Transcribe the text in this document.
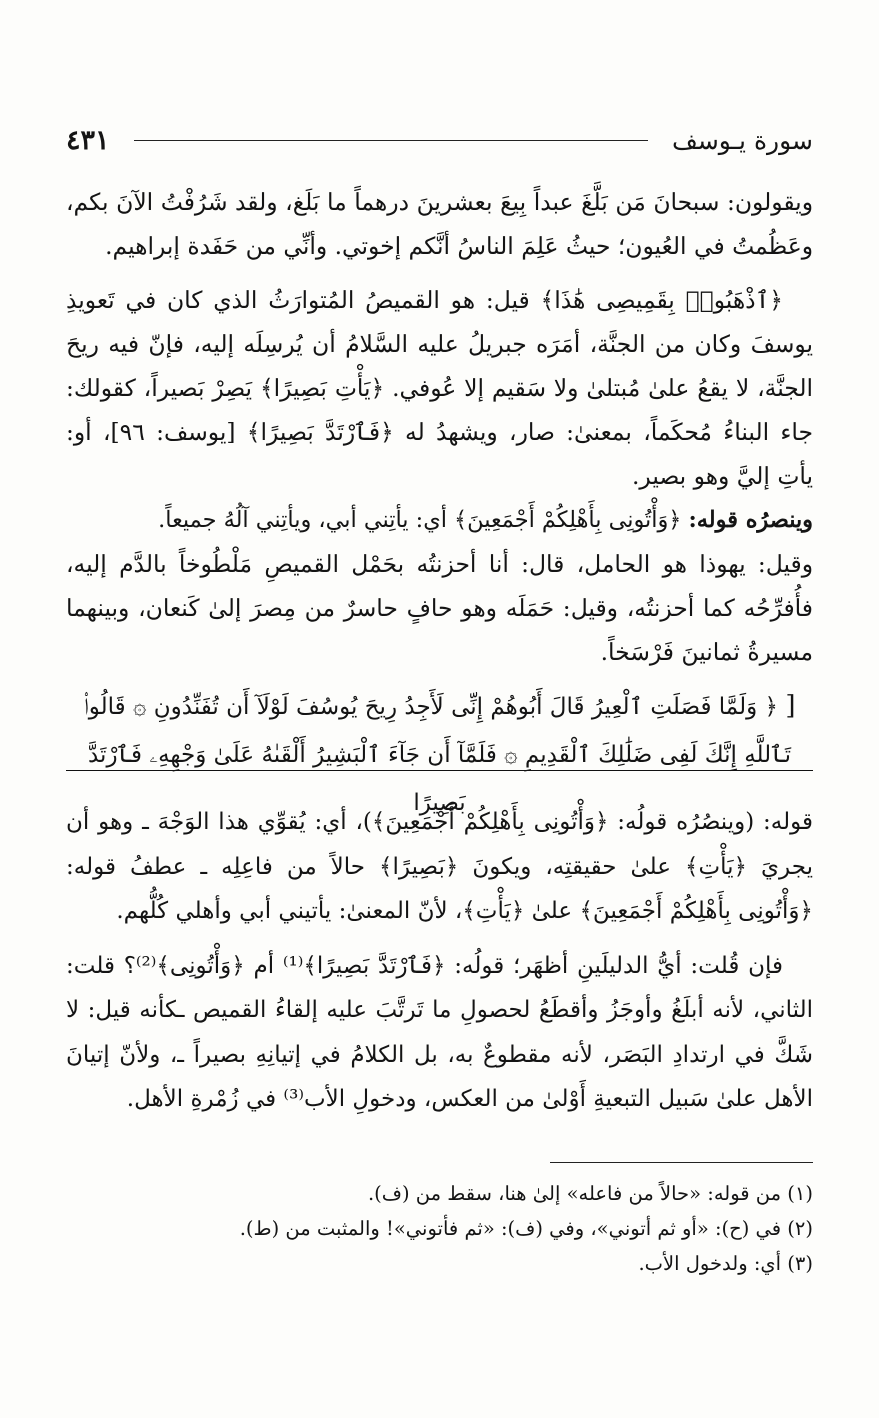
سورة يـوسف
٤٣١

ويقولون: سبحانَ مَن بَلَّغَ عبداً بِيعَ بعشرينَ درهماً ما بَلَغ، ولقد شَرُفْتُ الآنَ بكم، وعَظُمتُ في العُيون؛ حيثُ عَلِمَ الناسُ أنَّكم إخوتي. وأنِّي من حَفَدة إبراهيم.

﴿ٱذْهَبُوا۟ بِقَمِيصِى هَٰذَا﴾ قيل: هو القميصُ المُتوارَثُ الذي كان في تَعويذِ يوسفَ وكان من الجنَّة، أمَرَه جبريلُ عليه السَّلامُ أن يُرسِلَه إليه، فإنّ فيه ريحَ الجنَّة، لا يقعُ علىٰ مُبتلىٰ ولا سَقيم إلا عُوفي. ﴿يَأْتِ بَصِيرًا﴾ يَصِرْ بَصيراً، كقولك: جاء البناءُ مُحكَماً، بمعنىٰ: صار، ويشهدُ له ﴿فَٱرْتَدَّ بَصِيرًا﴾ [يوسف: ٩٦]، أو: يأتِ إليَّ وهو بصير.

وينصرُه قوله: ﴿وَأْتُونِى بِأَهْلِكُمْ أَجْمَعِينَ﴾ أي: يأتِني أبي، ويأتِني آلُهُ جميعاً.

وقيل: يهوذا هو الحامل، قال: أنا أحزنتُه بحَمْل القميصِ مَلْطُوخاً بالدَّم إليه، فأُفرِّحُه كما أحزنتُه، وقيل: حَمَلَه وهو حافٍ حاسرٌ من مِصرَ إلىٰ كَنعان، وبينهما مسيرةُ ثمانينَ فَرْسَخاً.

[ ﴿ وَلَمَّا فَصَلَتِ ٱلْعِيرُ قَالَ أَبُوهُمْ إِنِّى لَأَجِدُ رِيحَ يُوسُفَ لَوْلَآ أَن تُفَنِّدُونِ ۞ قَالُوا۟ تَٱللَّهِ إِنَّكَ لَفِى ضَلَٰلِكَ ٱلْقَدِيمِ ۞ فَلَمَّآ أَن جَآءَ ٱلْبَشِيرُ أَلْقَىٰهُ عَلَىٰ وَجْهِهِۦ فَٱرْتَدَّ بَصِيرًا

قوله: (وينصُرُه قولُه: ﴿وَأْتُونِى بِأَهْلِكُمْ أَجْمَعِينَ﴾)، أي: يُقوِّي هذا الوَجْهَ ـ وهو أن يجريَ ﴿يَأْتِ﴾ علىٰ حقيقتِه، ويكونَ ﴿بَصِيرًا﴾ حالاً من فاعِلِه ـ عطفُ قوله: ﴿وَأْتُونِى بِأَهْلِكُمْ أَجْمَعِينَ﴾ علىٰ ﴿يَأْتِ﴾، لأنّ المعنىٰ: يأتيني أبي وأهلي كُلُّهم.

فإن قُلت: أيُّ الدليلَينِ أظهَر؛ قولُه: ﴿فَٱرْتَدَّ بَصِيرًا﴾⁽¹⁾ أم ﴿وَأْتُونِى﴾⁽²⁾؟ قلت: الثاني، لأنه أبلَغُ وأوجَزُ وأقطَعُ لحصولِ ما تَرتَّبَ عليه إلقاءُ القميص ـكأنه قيل: لا شَكَّ في ارتدادِ البَصَر، لأنه مقطوعٌ به، بل الكلامُ في إتيانِهِ بصيراً ـ، ولأنّ إتيانَ الأهل علىٰ سَبيل التبعيةِ أَوْلىٰ من العكس، ودخولِ الأب⁽³⁾ في زُمْرةِ الأهل.

(١) من قوله: «حالاً من فاعله» إلىٰ هنا، سقط من (ف).

(٢) في (ح): «أو ثم أتوني»، وفي (ف): «ثم فأتوني»! والمثبت من (ط).

(٣) أي: ولدخول الأب.
